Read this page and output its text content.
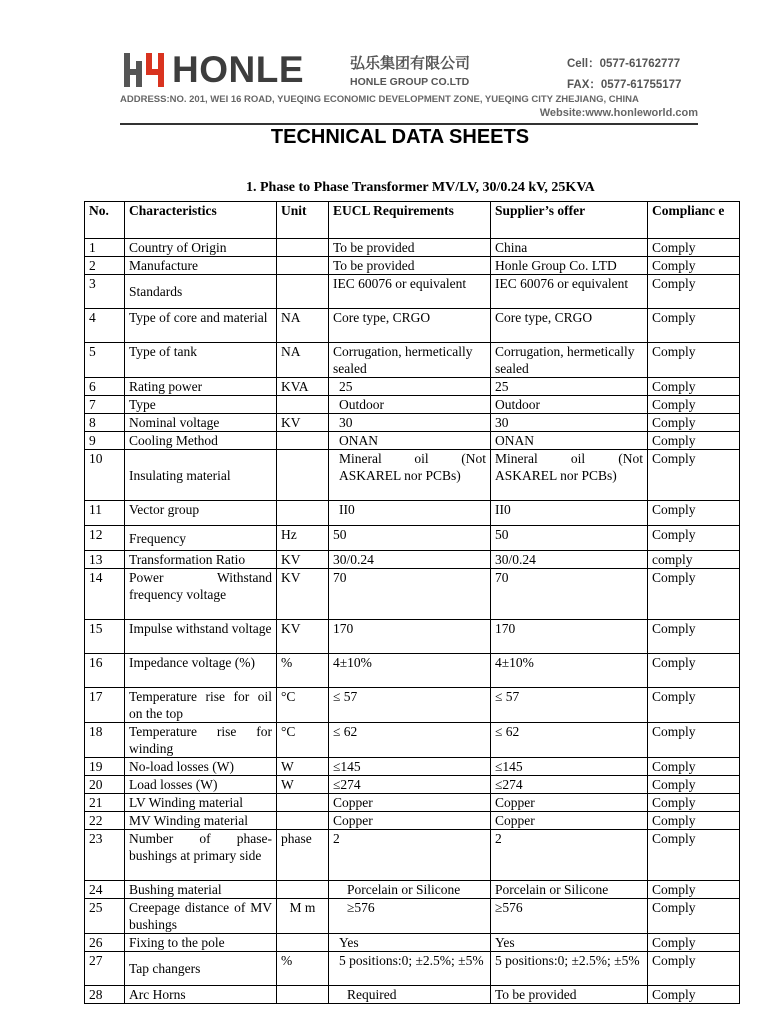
HONLE	弘乐集团有限公司
HONLE GROUP CO.LTD
Cell：0577-61762777
FAX：0577-61755177
ADDRESS:NO. 201, WEI 16 ROAD, YUEQING ECONOMIC DEVELOPMENT ZONE, YUEQING CITY ZHEJIANG, CHINA
Website:www.honleworld.com
TECHNICAL DATA SHEETS
1. Phase to Phase Transformer MV/LV, 30/0.24 kV, 25KVA
No.	Characteristics	Unit	EUCL Requirements	Supplier’s offer	Complianc e
1	Country of Origin		To be provided	China	Comply
2	Manufacture		To be provided	Honle Group Co. LTD	Comply
3	Standards		IEC 60076 or equivalent	IEC 60076 or equivalent	Comply
4	Type of core and material	NA	Core type, CRGO	Core type, CRGO	Comply
5	Type of tank	NA	Corrugation, hermetically sealed	Corrugation, hermetically sealed	Comply
6	Rating power	KVA	25	25	Comply
7	Type		Outdoor	Outdoor	Comply
8	Nominal voltage	KV	30	30	Comply
9	Cooling Method		ONAN	ONAN	Comply
10	Insulating material		Mineral oil (Not ASKAREL nor PCBs)	Mineral oil (Not ASKAREL nor PCBs)	Comply
11	Vector group		II0	II0	Comply
12	Frequency	Hz	50	50	Comply
13	Transformation Ratio	KV	30/0.24	30/0.24	comply
14	Power Withstand frequency voltage	KV	70	70	Comply
15	Impulse withstand voltage	KV	170	170	Comply
16	Impedance voltage (%)	%	4±10%	4±10%	Comply
17	Temperature rise for oil on the top	°C	≤ 57	≤ 57	Comply
18	Temperature rise for winding	°C	≤ 62	≤ 62	Comply
19	No-load losses (W)	W	≤145	≤145	Comply
20	Load losses (W)	W	≤274	≤274	Comply
21	LV Winding material		Copper	Copper	Comply
22	MV Winding material		Copper	Copper	Comply
23	Number of phase-bushings at primary side	phase	2	2	Comply
24	Bushing material		Porcelain or Silicone	Porcelain or Silicone	Comply
25	Creepage distance of MV bushings	M m	≥576	≥576	Comply
26	Fixing to the pole		Yes	Yes	Comply
27	Tap changers	%	5 positions:0; ±2.5%; ±5%	5 positions:0; ±2.5%; ±5%	Comply
28	Arc Horns		Required	To be provided	Comply
